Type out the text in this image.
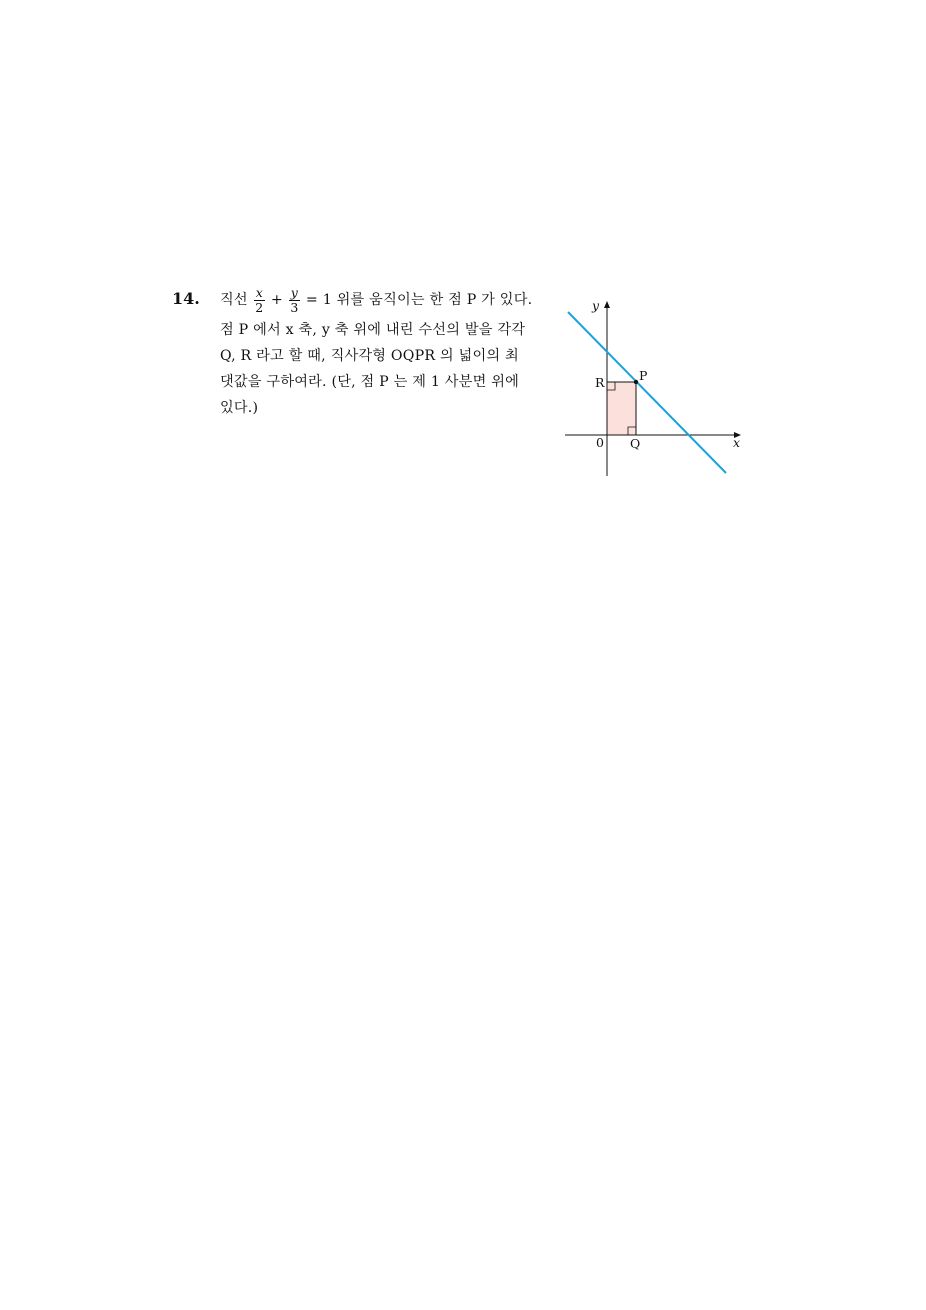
14. 직선 $\frac{x}{2} + \frac{y}{3} = 1$ 위를 움직이는 한 점 P 가 있다.
점 P 에서 x 축, y 축 위에 내린 수선의 발을 각각
Q, R 라고 할 때, 직사각형 OQPR 의 넓이의 최
댓값을 구하여라. (단, 점 P 는 제 1 사분면 위에
있다.)
y
x
0
P
Q
R
